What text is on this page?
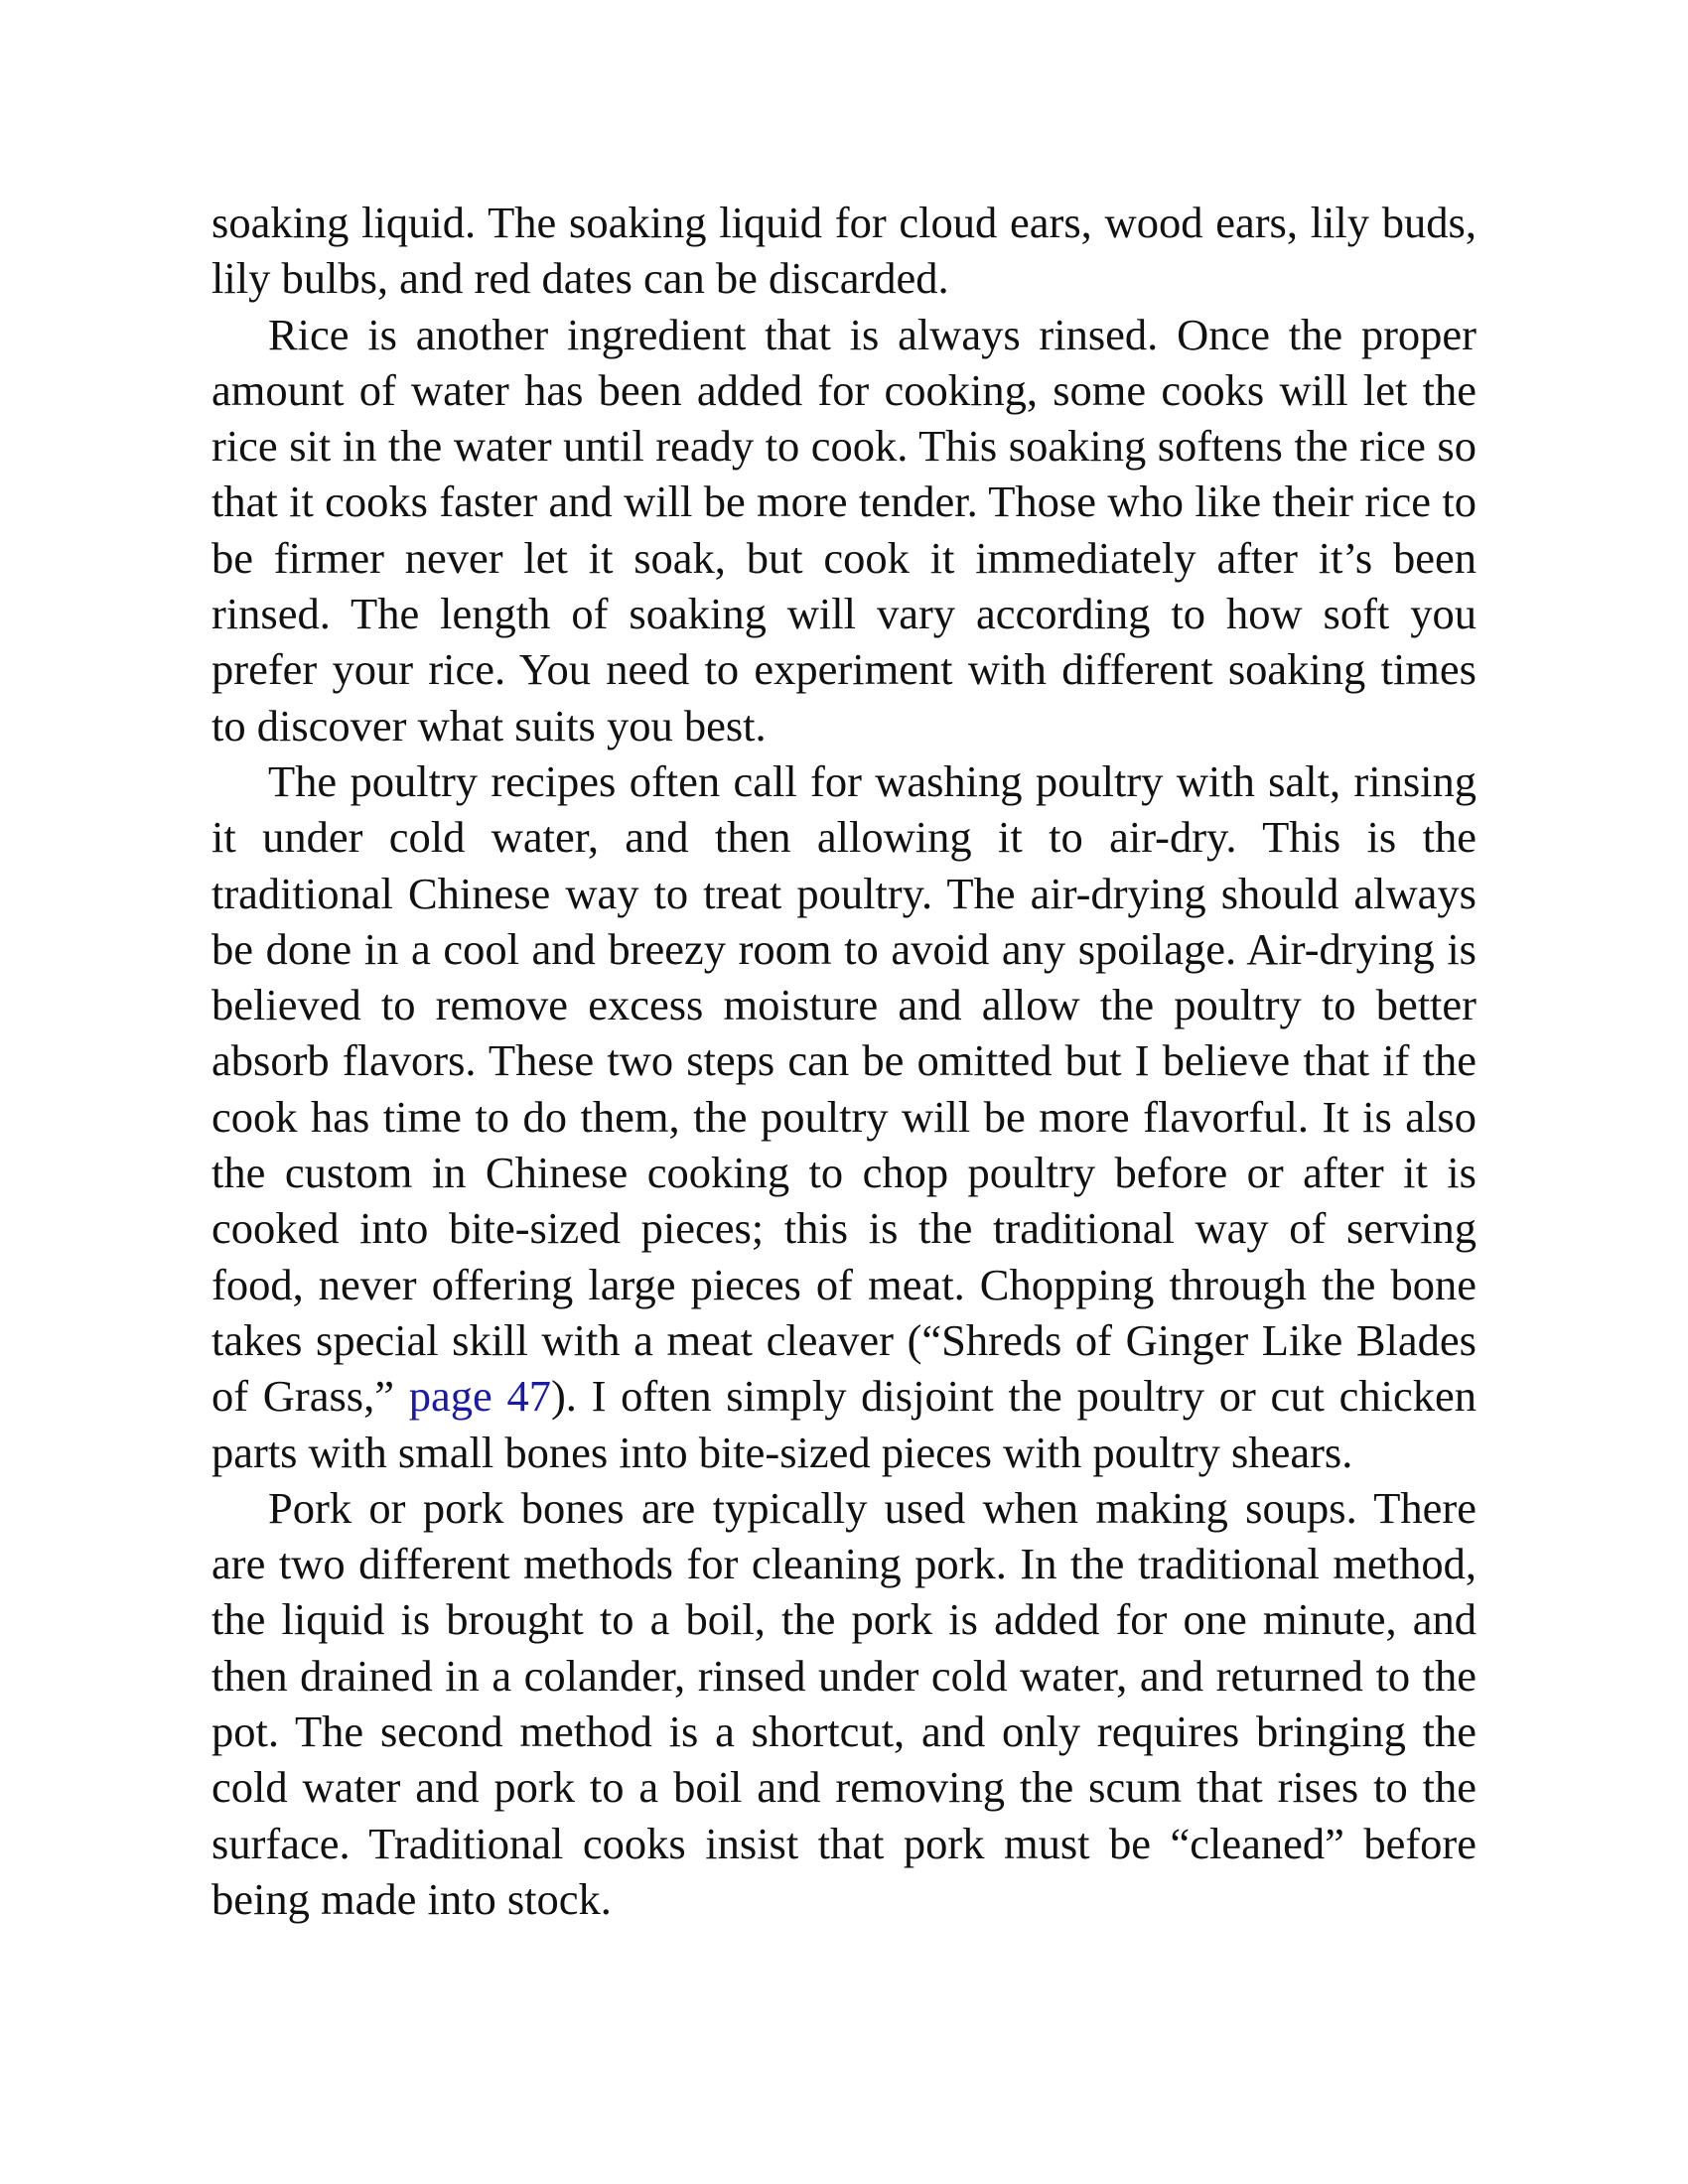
soaking liquid. The soaking liquid for cloud ears, wood ears, lily buds, lily bulbs, and red dates can be discarded.

Rice is another ingredient that is always rinsed. Once the proper amount of water has been added for cooking, some cooks will let the rice sit in the water until ready to cook. This soaking softens the rice so that it cooks faster and will be more tender. Those who like their rice to be firmer never let it soak, but cook it immediately after it’s been rinsed. The length of soaking will vary according to how soft you prefer your rice. You need to experiment with different soaking times to discover what suits you best.

The poultry recipes often call for washing poultry with salt, rinsing it under cold water, and then allowing it to air-dry. This is the traditional Chinese way to treat poultry. The air-drying should always be done in a cool and breezy room to avoid any spoilage. Air-drying is believed to remove excess moisture and allow the poultry to better absorb flavors. These two steps can be omitted but I believe that if the cook has time to do them, the poultry will be more flavorful. It is also the custom in Chinese cooking to chop poultry before or after it is cooked into bite-sized pieces; this is the traditional way of serving food, never offering large pieces of meat. Chopping through the bone takes special skill with a meat cleaver (“Shreds of Ginger Like Blades of Grass,” page 47). I often simply disjoint the poultry or cut chicken parts with small bones into bite-sized pieces with poultry shears.

Pork or pork bones are typically used when making soups. There are two different methods for cleaning pork. In the traditional method, the liquid is brought to a boil, the pork is added for one minute, and then drained in a colander, rinsed under cold water, and returned to the pot. The second method is a shortcut, and only requires bringing the cold water and pork to a boil and removing the scum that rises to the surface. Traditional cooks insist that pork must be “cleaned” before being made into stock.
